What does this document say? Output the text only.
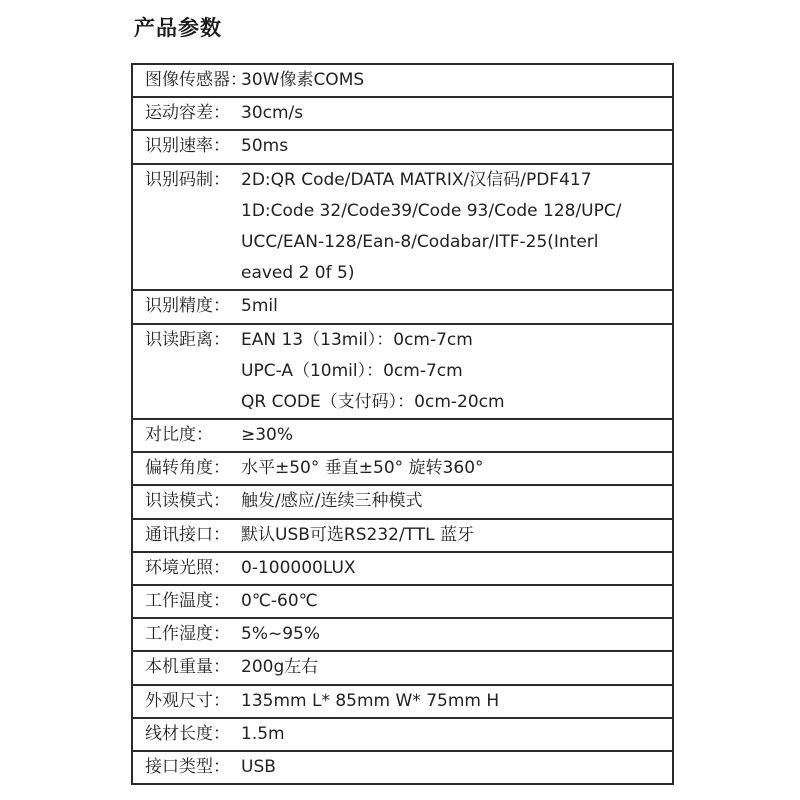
产品参数
图像传感器：
30W像素COMS
运动容差： 30cm/s
识别速率： 50ms
识别码制： 2D:QR Code/DATA MATRIX/汉信码/PDF417
1D:Code 32/Code39/Code 93/Code 128/UPC/
UCC/EAN-128/Ean-8/Codabar/ITF-25(Interl
eaved 2 0f 5)
识别精度： 5mil
识读距离： EAN 13（13mil）：0cm-7cm
UPC-A（10mil）：0cm-7cm
QR CODE（支付码）：0cm-20cm
对比度：	≥30%
偏转角度： 水平±50° 垂直±50° 旋转360°
识读模式： 触发/感应/连续三种模式
通讯接口： 默认USB可选RS232/TTL 蓝牙
环境光照： 0-100000LUX
工作温度： 0℃-60℃
工作湿度： 5%~95%
本机重量： 200g左右
外观尺寸： 135mm L* 85mm W* 75mm H
线材长度： 1.5m
接口类型： USB
